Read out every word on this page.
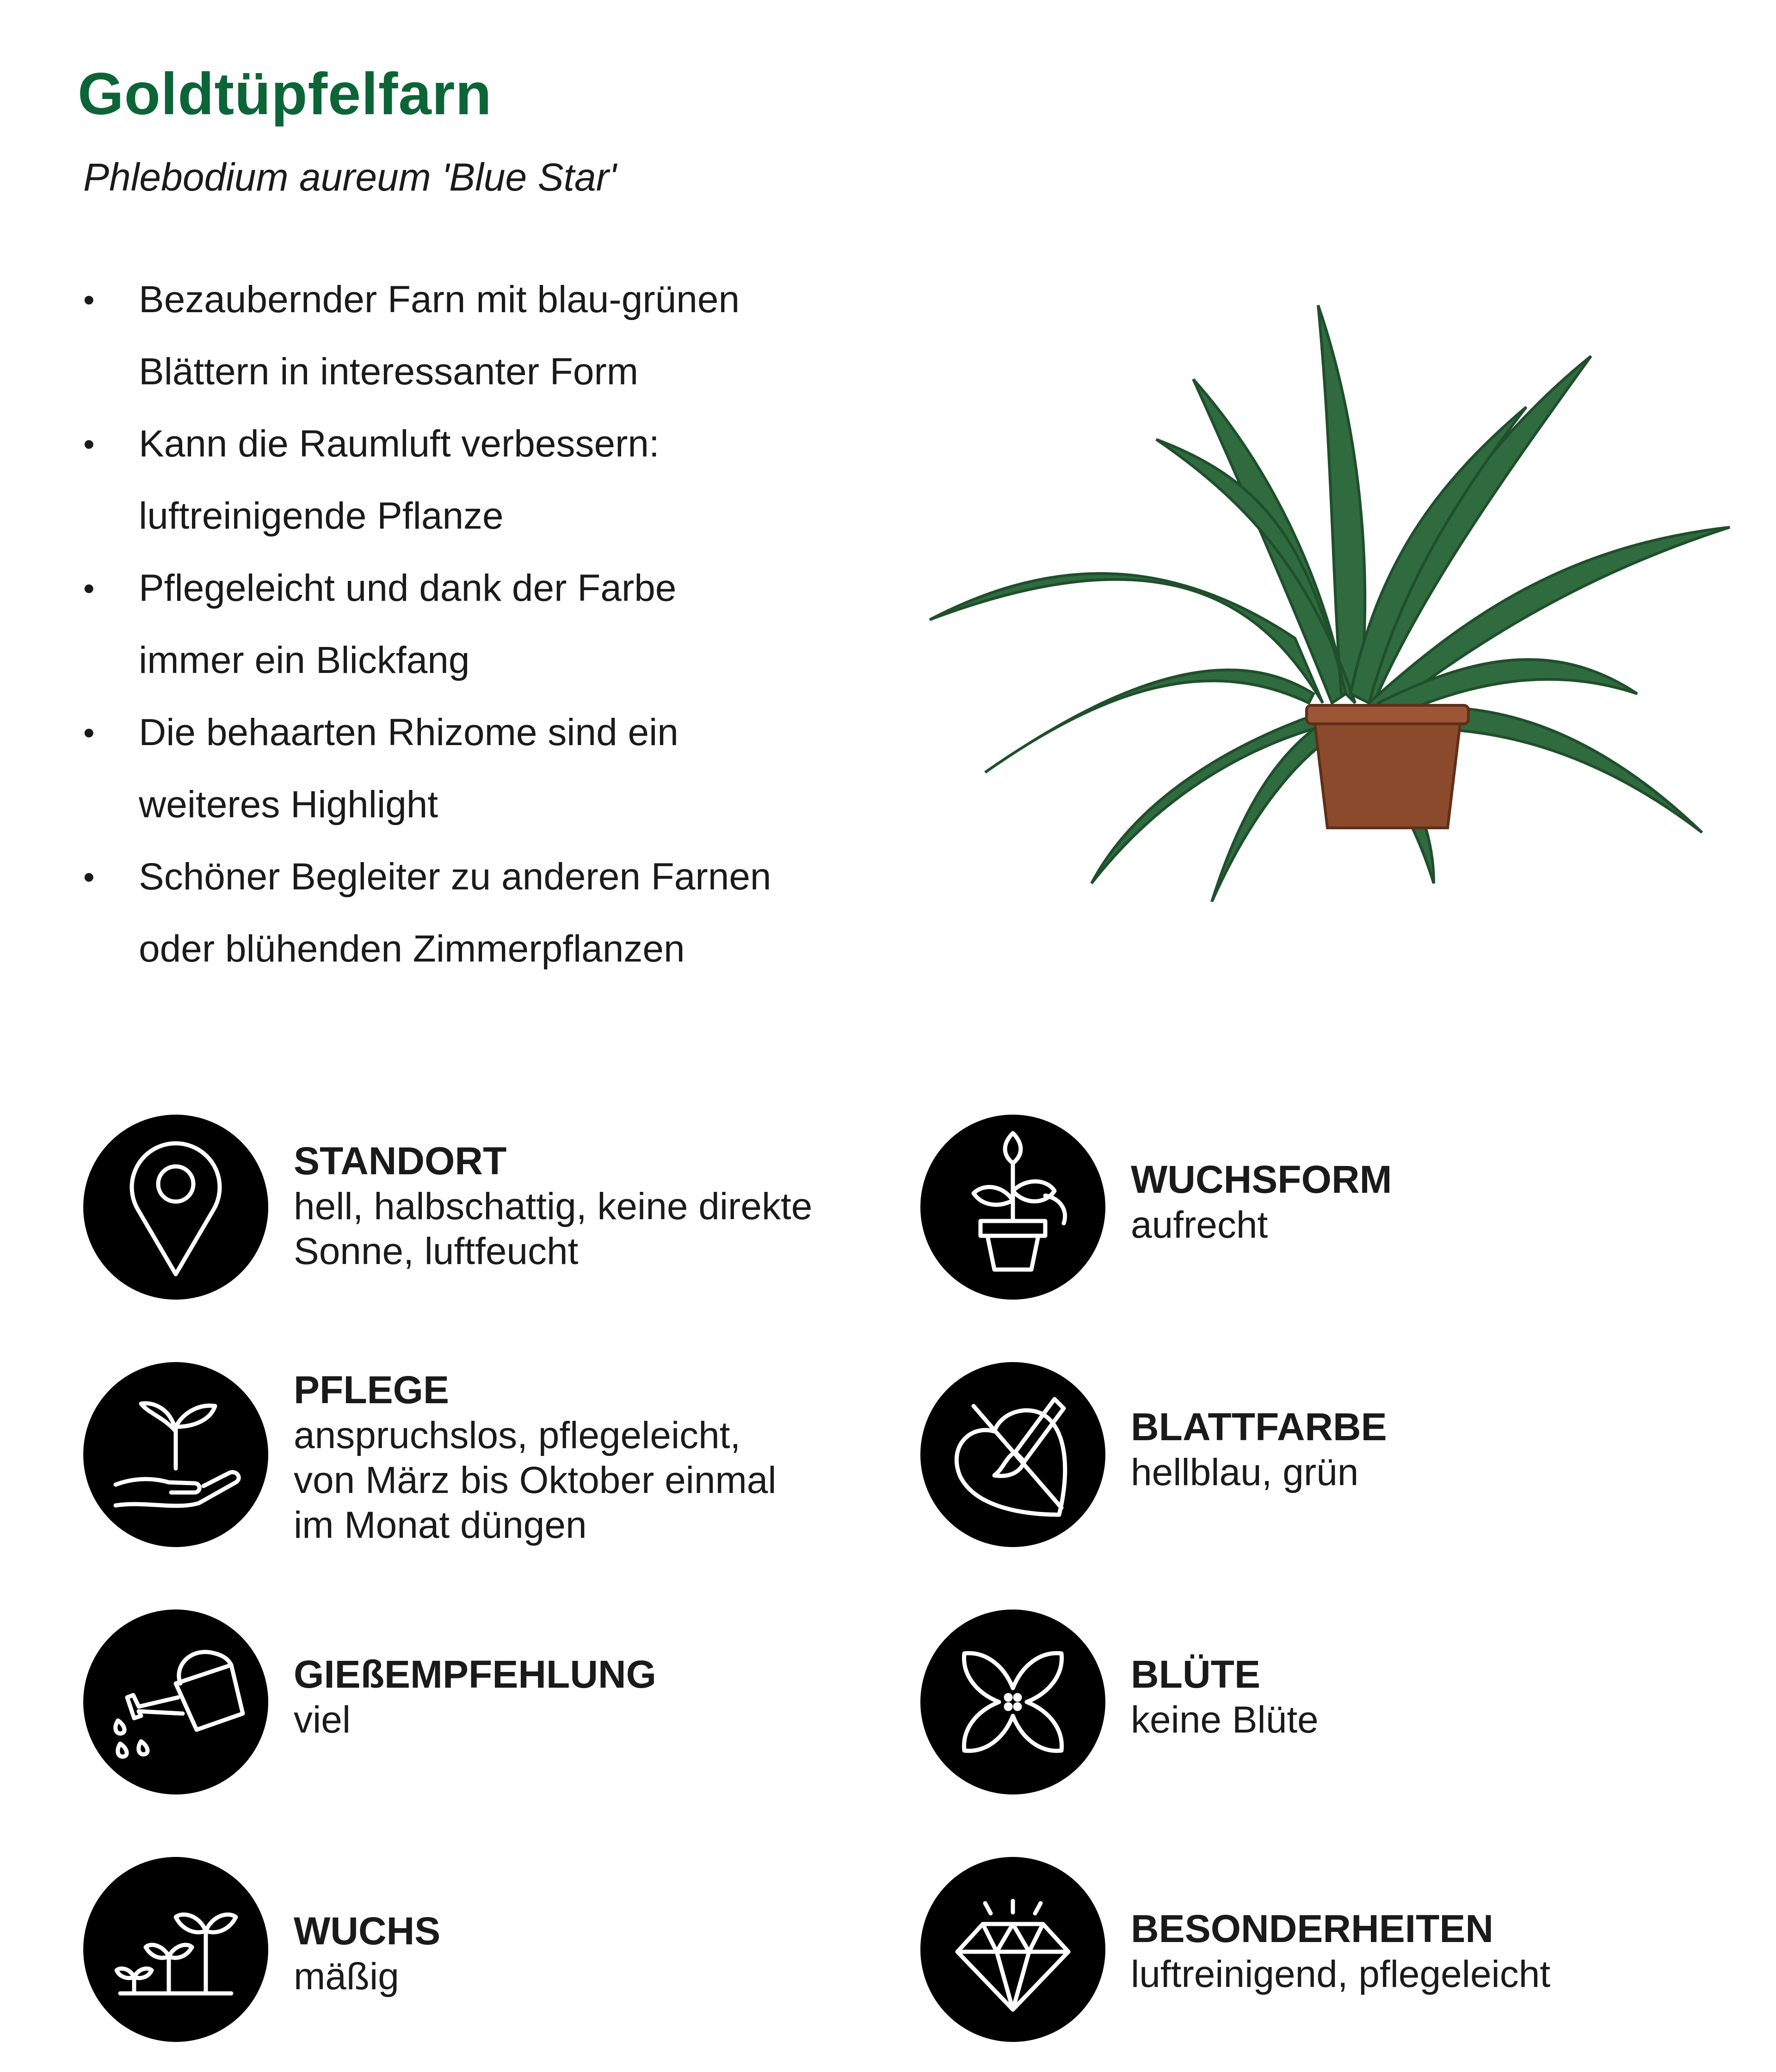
Goldtüpfelfarn
Phlebodium aureum 'Blue Star'
• Bezaubernder Farn mit blau-grünen
Blättern in interessanter Form
• Kann die Raumluft verbessern:
luftreinigende Pflanze
• Pflegeleicht und dank der Farbe
immer ein Blickfang
• Die behaarten Rhizome sind ein
weiteres Highlight
• Schöner Begleiter zu anderen Farnen
oder blühenden Zimmerpflanzen
STANDORT
hell, halbschattig, keine direkte
Sonne, luftfeucht
WUCHSFORM
aufrecht
PFLEGE
anspruchslos, pflegeleicht,
von März bis Oktober einmal
im Monat düngen
BLATTFARBE
hellblau, grün
GIEßEMPFEHLUNG
viel
BLÜTE
keine Blüte
WUCHS
mäßig
BESONDERHEITEN
luftreinigend, pflegeleicht
